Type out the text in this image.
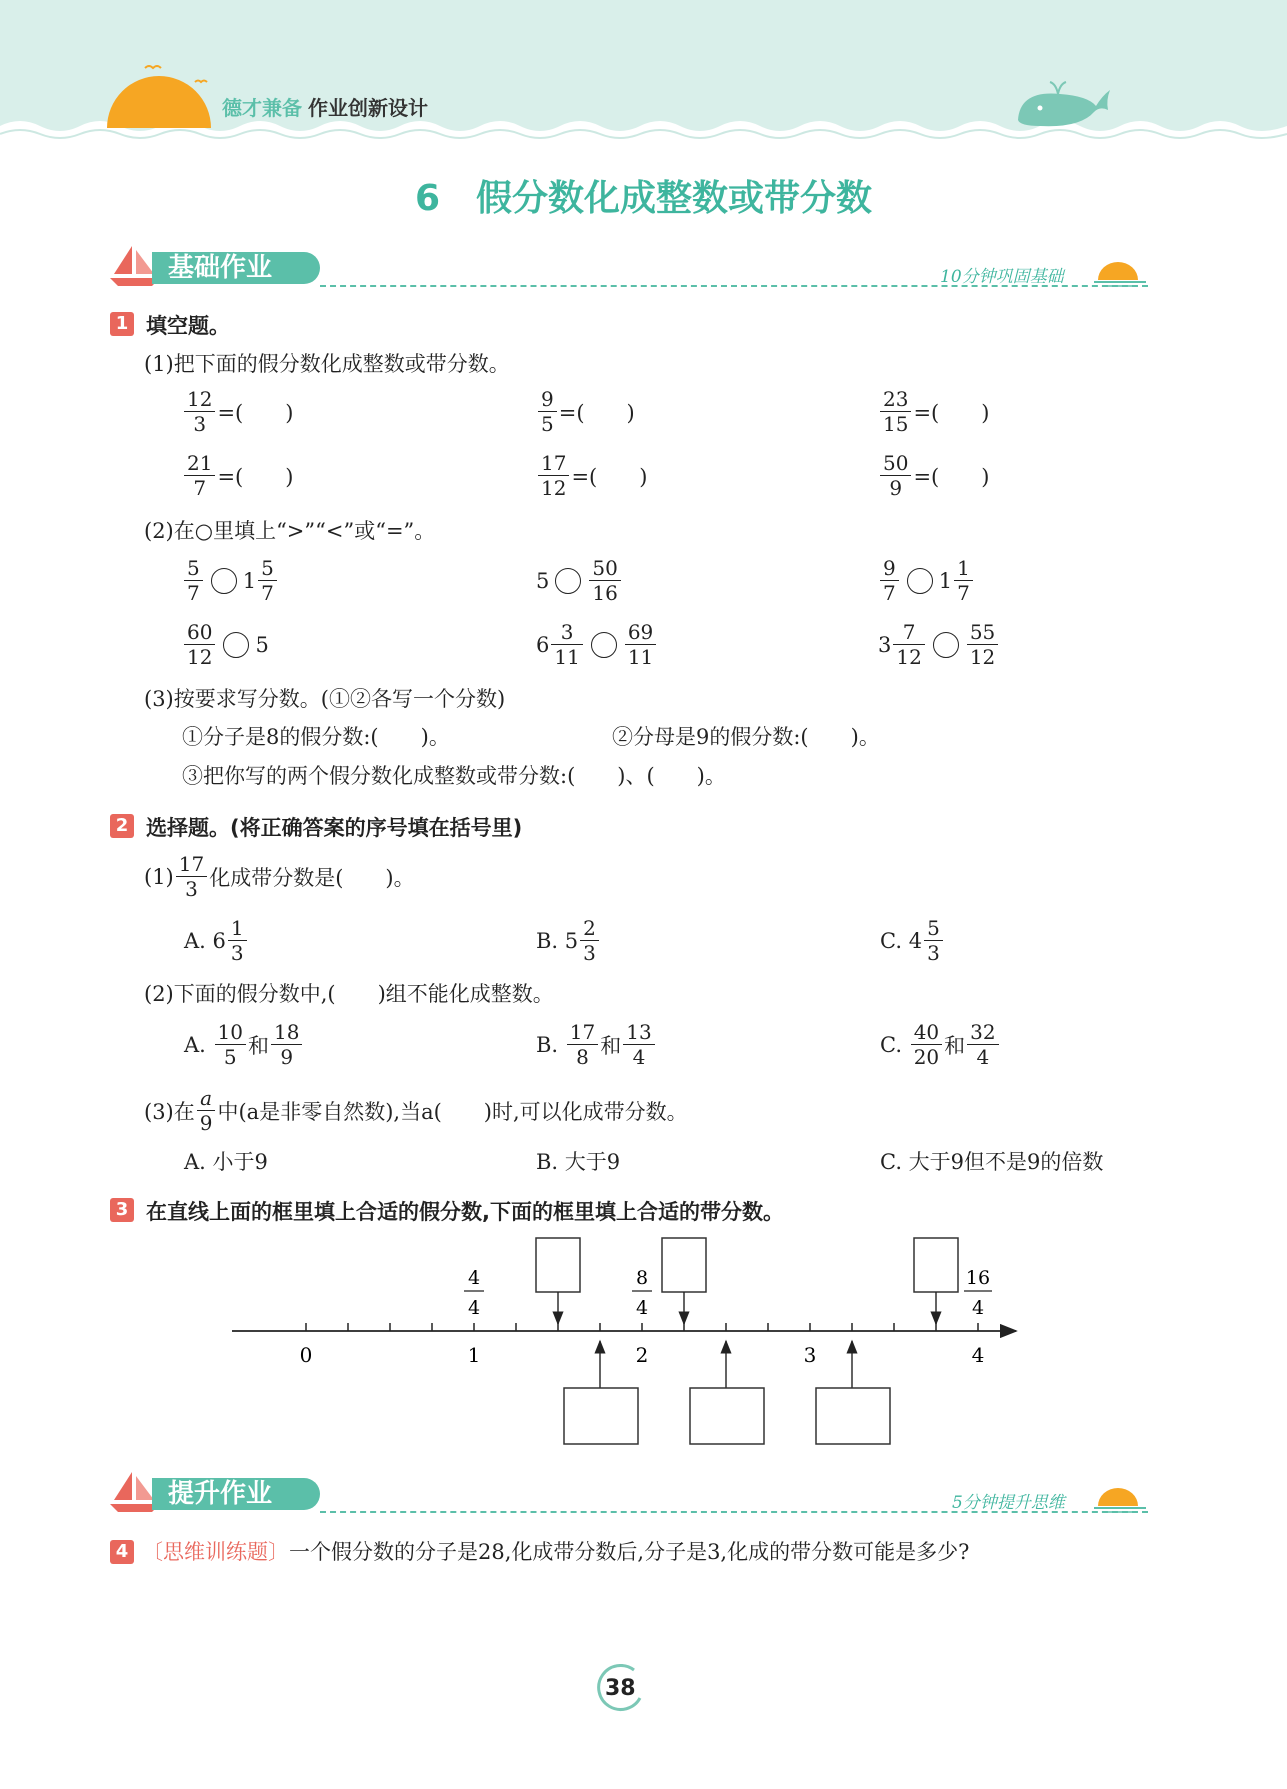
德才兼备 作业创新设计
6　假分数化成整数或带分数
基础作业	10分钟巩固基础
1 填空题。
(1)把下面的假分数化成整数或带分数。
$\frac{12}{3}$ =(　　)	$\frac{9}{5}$ =(　　)	$\frac{23}{15}$ =(　　)
$\frac{21}{7}$ =(　　)	$\frac{17}{12}$ =(　　)	$\frac{50}{9}$ =(　　)
(2)在○里填上“>”“<”或“=”。
$\frac{5}{7} 1 \frac{5}{7}$	$5 \frac{50}{16}$	$\frac{9}{7} 1 \frac{1}{7}$
$\frac{60}{12} 5$	$6 \frac{3}{11} \frac{69}{11}$	$3 \frac{7}{12} \frac{55}{12}$
(3)按要求写分数。(①②各写一个分数)
①分子是8的假分数:(　　)。	②分母是9的假分数:(　　)。
③把你写的两个假分数化成整数或带分数:(　　)、(　　)。
2 选择题。(将正确答案的序号填在括号里)
$(1) \frac{17}{3}$ 化成带分数是(　　)。
A.
$6 \frac{1}{3}$	B.
$5 \frac{2}{3}$	C.
$4 \frac{5}{3}$
(2)下面的假分数中,(　　)组不能化成整数。
A.
$\frac{10}{5}$ 和 $\frac{18}{9}$	B.
$\frac{17}{8}$ 和 $\frac{13}{4}$	C.
$\frac{40}{20}$ 和 $\frac{32}{4}$
(3)在 $\frac{a}{9}$ 中(a是非零自然数),当a(　　)时,可以化成带分数。
A. 小于9	B. 大于9	C. 大于9但不是9的倍数
3 在直线上面的框里填上合适的假分数,下面的框里填上合适的带分数。
0	1	2	3	4
4
4
8
4
16
4
提升作业	5分钟提升思维
4 〔思维训练题〕一个假分数的分子是28,化成带分数后,分子是3,化成的带分数可能是多少?
38
